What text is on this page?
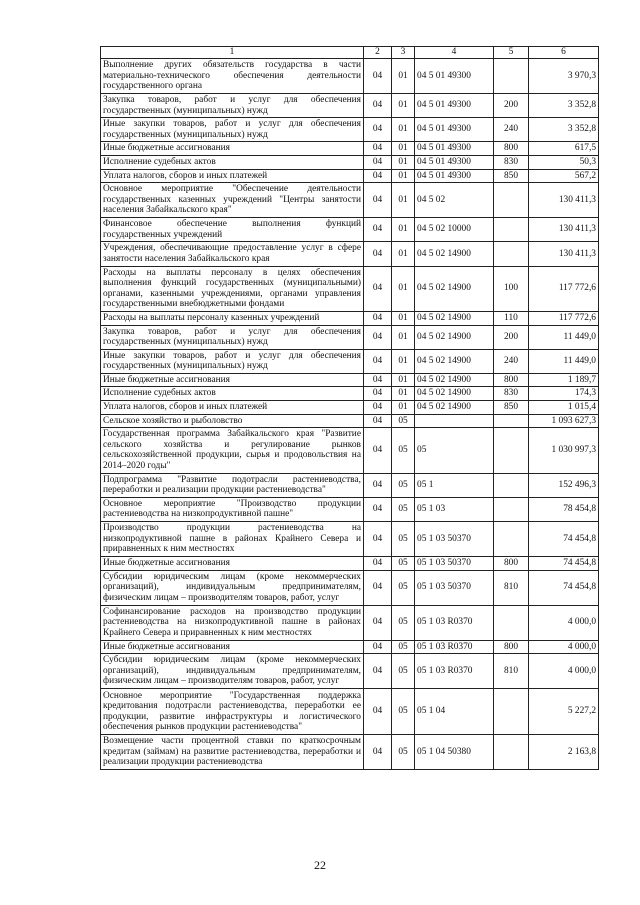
1	2	3	4	5	6
Выполнение других обязательств государства в части материально-технического обеспечения деятельности государственного органа	04	01	04 5 01 49300		3 970,3
Закупка товаров, работ и услуг для обеспечения государственных (муниципальных) нужд	04	01	04 5 01 49300	200	3 352,8
Иные закупки товаров, работ и услуг для обеспечения государственных (муниципальных) нужд	04	01	04 5 01 49300	240	3 352,8
Иные бюджетные ассигнования	04	01	04 5 01 49300	800	617,5
Исполнение судебных актов	04	01	04 5 01 49300	830	50,3
Уплата налогов, сборов и иных платежей	04	01	04 5 01 49300	850	567,2
Основное мероприятие "Обеспечение деятельности государственных казенных учреждений "Центры занятости населения Забайкальского края"	04	01	04 5 02		130 411,3
Финансовое обеспечение выполнения функций государственных учреждений	04	01	04 5 02 10000		130 411,3
Учреждения, обеспечивающие предоставление услуг в сфере занятости населения Забайкальского края	04	01	04 5 02 14900		130 411,3
Расходы на выплаты персоналу в целях обеспечения выполнения функций государственных (муниципальными) органами, казенными учреждениями, органами управления государственными внебюджетными фондами	04	01	04 5 02 14900	100	117 772,6
Расходы на выплаты персоналу казенных учреждений	04	01	04 5 02 14900	110	117 772,6
Закупка товаров, работ и услуг для обеспечения государственных (муниципальных) нужд	04	01	04 5 02 14900	200	11 449,0
Иные закупки товаров, работ и услуг для обеспечения государственных (муниципальных) нужд	04	01	04 5 02 14900	240	11 449,0
Иные бюджетные ассигнования	04	01	04 5 02 14900	800	1 189,7
Исполнение судебных актов	04	01	04 5 02 14900	830	174,3
Уплата налогов, сборов и иных платежей	04	01	04 5 02 14900	850	1 015,4
Сельское хозяйство и рыболовство	04	05			1 093 627,3
Государственная программа Забайкальского края "Развитие сельского хозяйства и регулирование рынков сельскохозяйственной продукции, сырья и продовольствия на 2014–2020 годы"	04	05	05		1 030 997,3
Подпрограмма "Развитие подотрасли растениеводства, переработки и реализации продукции растениеводства"	04	05	05 1		152 496,3
Основное мероприятие "Производство продукции растениеводства на низкопродуктивной пашне"	04	05	05 1 03		78 454,8
Производство продукции растениеводства на низкопродуктивной пашне в районах Крайнего Севера и приравненных к ним местностях	04	05	05 1 03 50370		74 454,8
Иные бюджетные ассигнования	04	05	05 1 03 50370	800	74 454,8
Субсидии юридическим лицам (кроме некоммерческих организаций), индивидуальным предпринимателям, физическим лицам – производителям товаров, работ, услуг	04	05	05 1 03 50370	810	74 454,8
Софинансирование расходов на производство продукции растениеводства на низкопродуктивной пашне в районах Крайнего Севера и приравненных к ним местностях	04	05	05 1 03 R0370		4 000,0
Иные бюджетные ассигнования	04	05	05 1 03 R0370	800	4 000,0
Субсидии юридическим лицам (кроме некоммерческих организаций), индивидуальным предпринимателям, физическим лицам – производителям товаров, работ, услуг	04	05	05 1 03 R0370	810	4 000,0
Основное мероприятие "Государственная поддержка кредитования подотрасли растениеводства, переработки ее продукции, развитие инфраструктуры и логистического обеспечения рынков продукции растениеводства"	04	05	05 1 04		5 227,2
Возмещение части процентной ставки по краткосрочным кредитам (займам) на развитие растениеводства, переработки и реализации продукции растениеводства	04	05	05 1 04 50380		2 163,8
22
